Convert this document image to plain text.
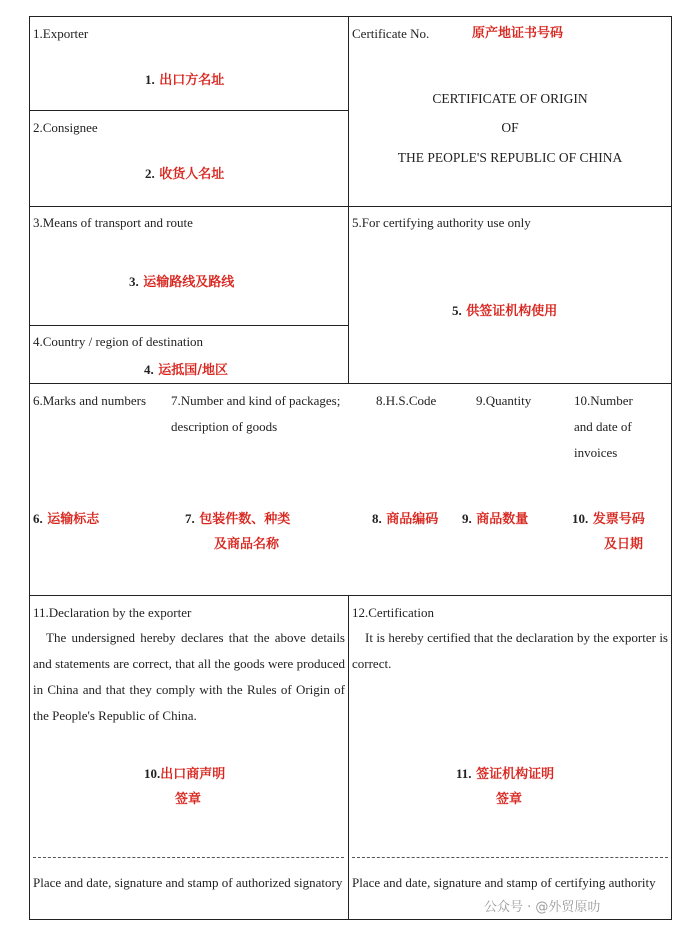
1.Exporter
1. 出口方名址
2.Consignee
2. 收货人名址
Certificate No.	原产地证书号码
CERTIFICATE OF ORIGIN
OF
THE PEOPLE'S REPUBLIC OF CHINA
3.Means of transport and route
3. 运输路线及路线
4.Country / region of destination
4. 运抵国/地区
5.For certifying authority use only
5. 供签证机构使用
6.Marks and numbers 7.Number and kind of packages;
description of goods
8.H.S.Code	9.Quantity	10.Number
and date of
invoices
6. 运输标志	7. 包装件数、种类
及商品名称
8. 商品编码 9. 商品数量	10. 发票号码
及日期
11.Declaration by the exporter
The undersigned hereby declares that the above details and statements are correct, that all the goods were produced in China and that they comply with the Rules of Origin of the People's Republic of China.
10.出口商声明
签章
Place and date, signature and stamp of authorized signatory
12.Certification
It is hereby certified that the declaration by the exporter is correct.
11. 签证机构证明
签章
Place and date, signature and stamp of certifying authority
公众号 · @外贸原叻
